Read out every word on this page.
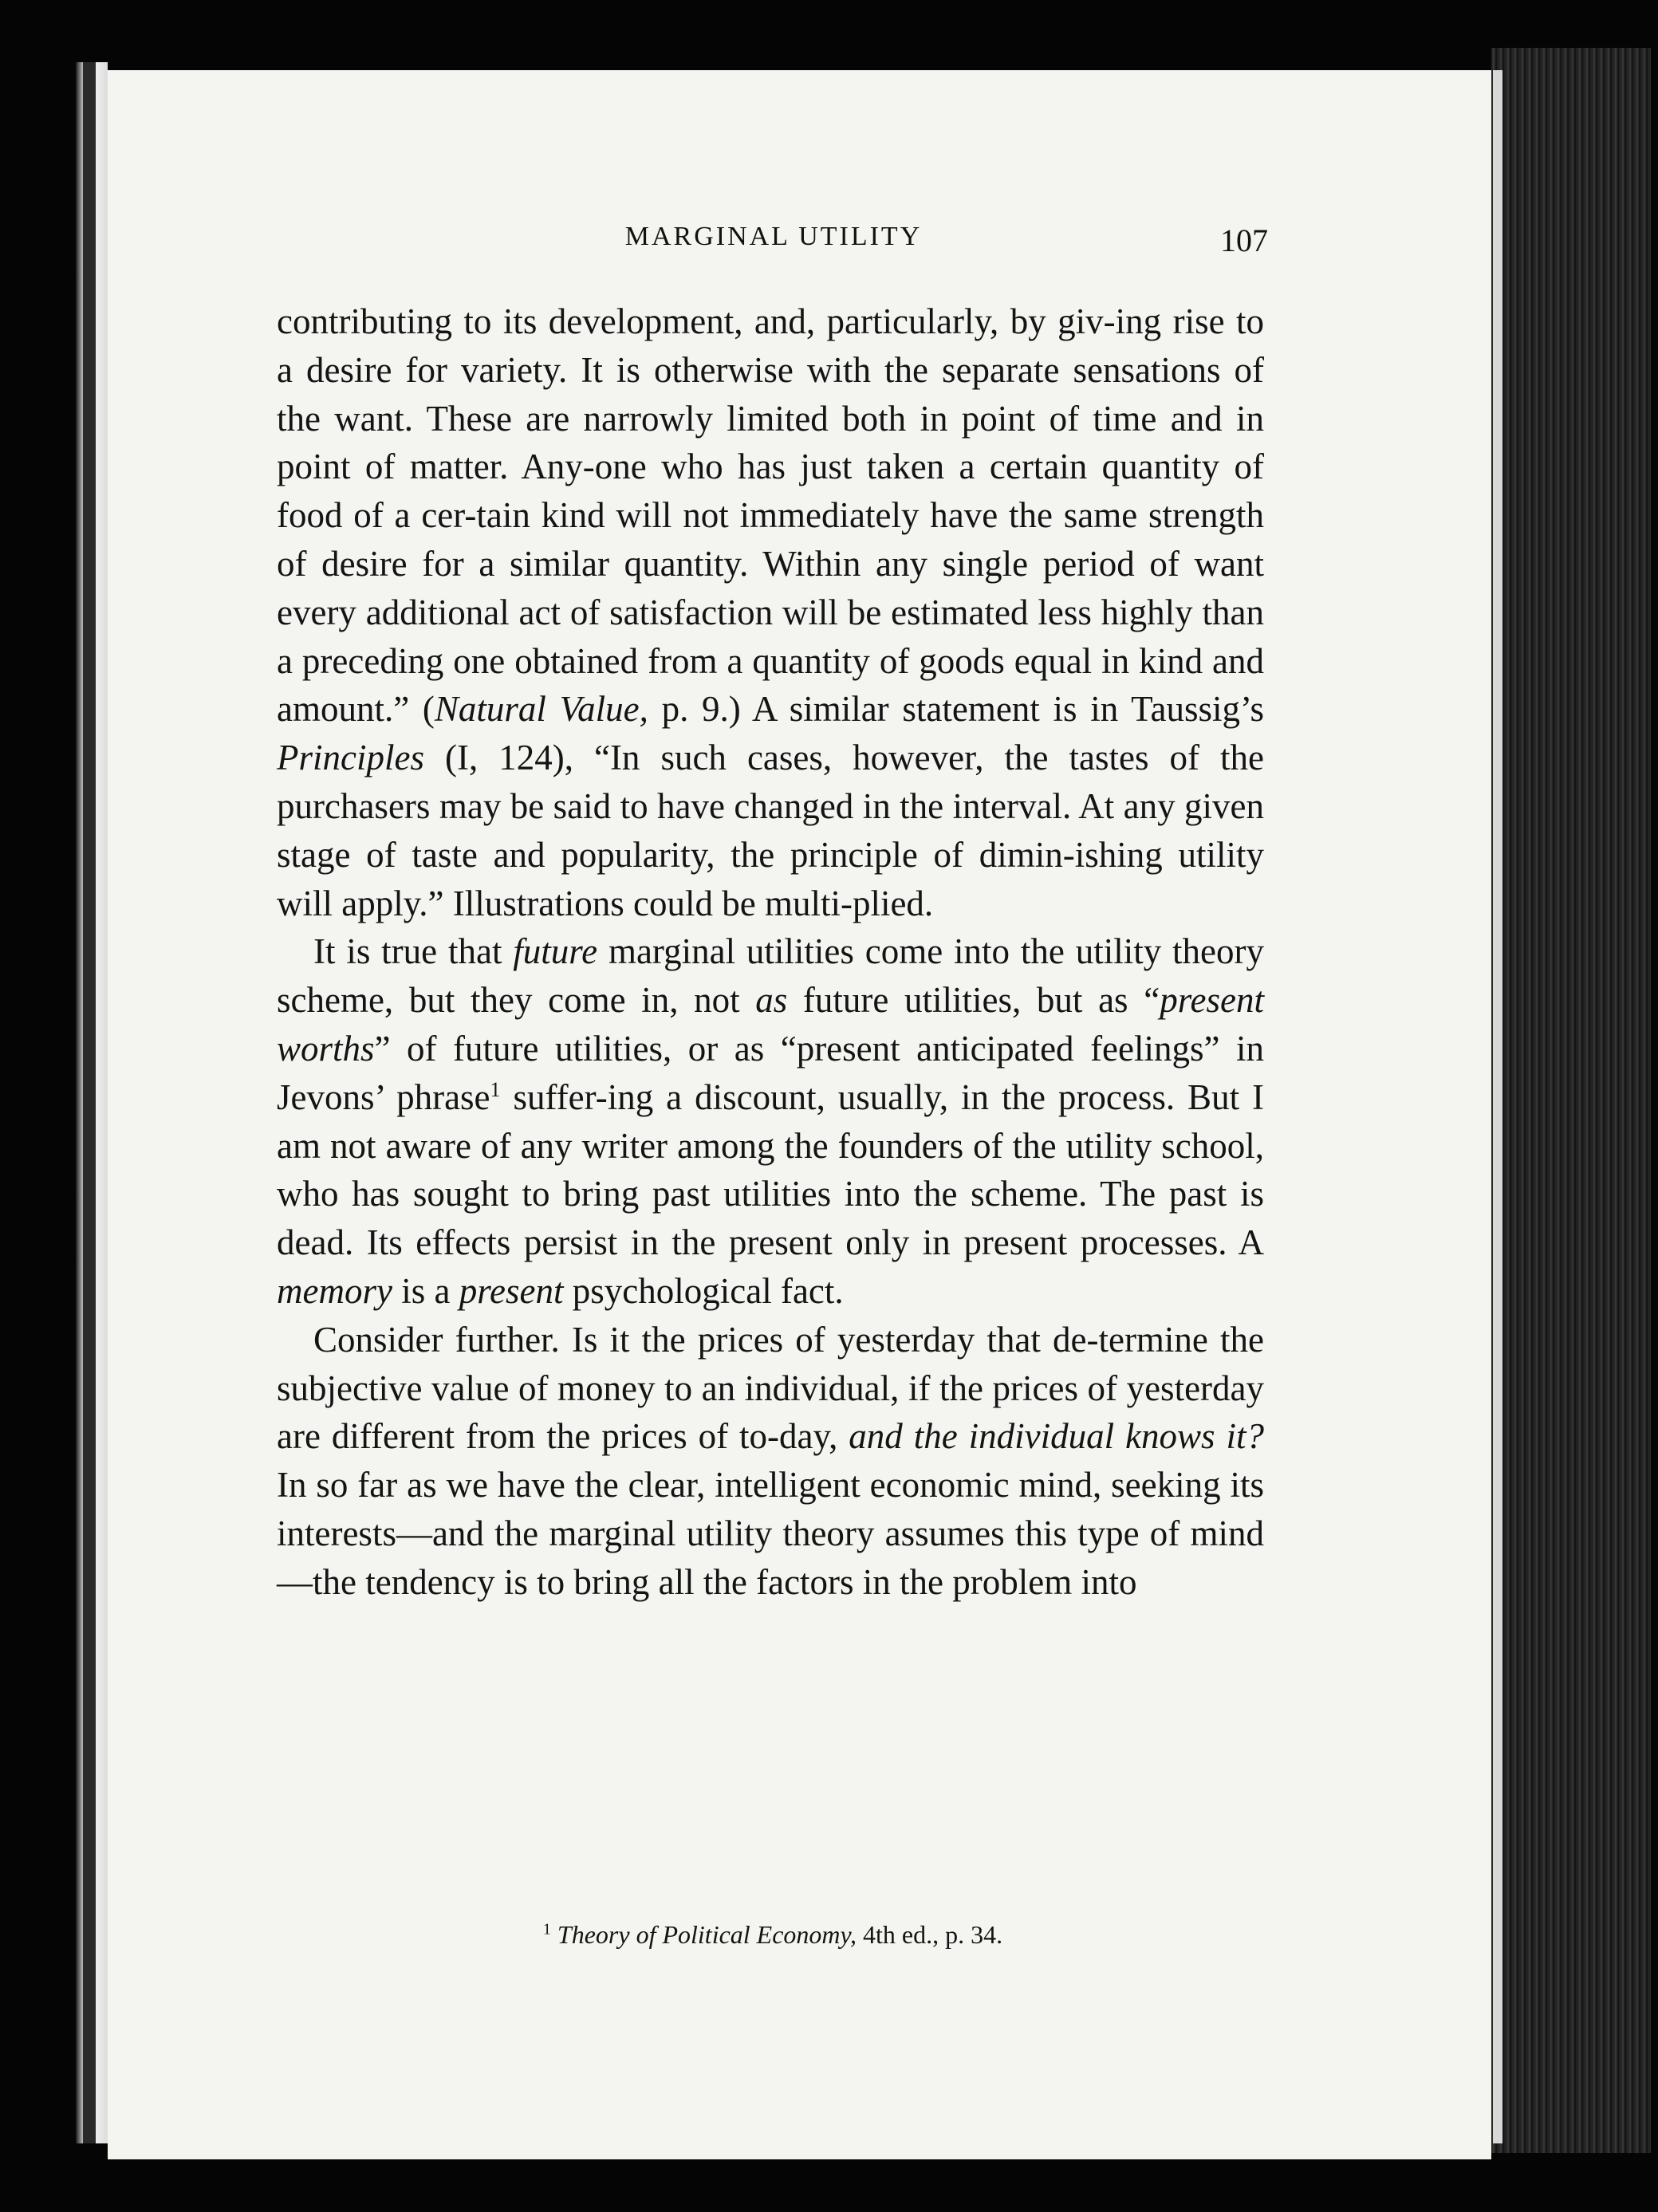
MARGINAL UTILITY	107

contributing to its development, and, particularly, by giv-ing rise to a desire for variety. It is otherwise with the separate sensations of the want. These are narrowly limited both in point of time and in point of matter. Any-one who has just taken a certain quantity of food of a cer-tain kind will not immediately have the same strength of desire for a similar quantity. Within any single period of want every additional act of satisfaction will be estimated less highly than a preceding one obtained from a quantity of goods equal in kind and amount.” (Natural Value, p. 9.) A similar statement is in Taussig’s Principles (I, 124), “In such cases, however, the tastes of the purchasers may be said to have changed in the interval. At any given stage of taste and popularity, the principle of dimin-ishing utility will apply.” Illustrations could be multi-plied.

It is true that future marginal utilities come into the utility theory scheme, but they come in, not as future utilities, but as “present worths” of future utilities, or as “present anticipated feelings” in Jevons’ phrase$^1$ suffer-ing a discount, usually, in the process. But I am not aware of any writer among the founders of the utility school, who has sought to bring past utilities into the scheme. The past is dead. Its effects persist in the present only in present processes. A memory is a present psychological fact.

Consider further. Is it the prices of yesterday that de-termine the subjective value of money to an individual, if the prices of yesterday are different from the prices of to-day, and the individual knows it? In so far as we have the clear, intelligent economic mind, seeking its interests—and the marginal utility theory assumes this type of mind—the tendency is to bring all the factors in the problem into

$^1$ Theory of Political Economy, 4th ed., p. 34.
